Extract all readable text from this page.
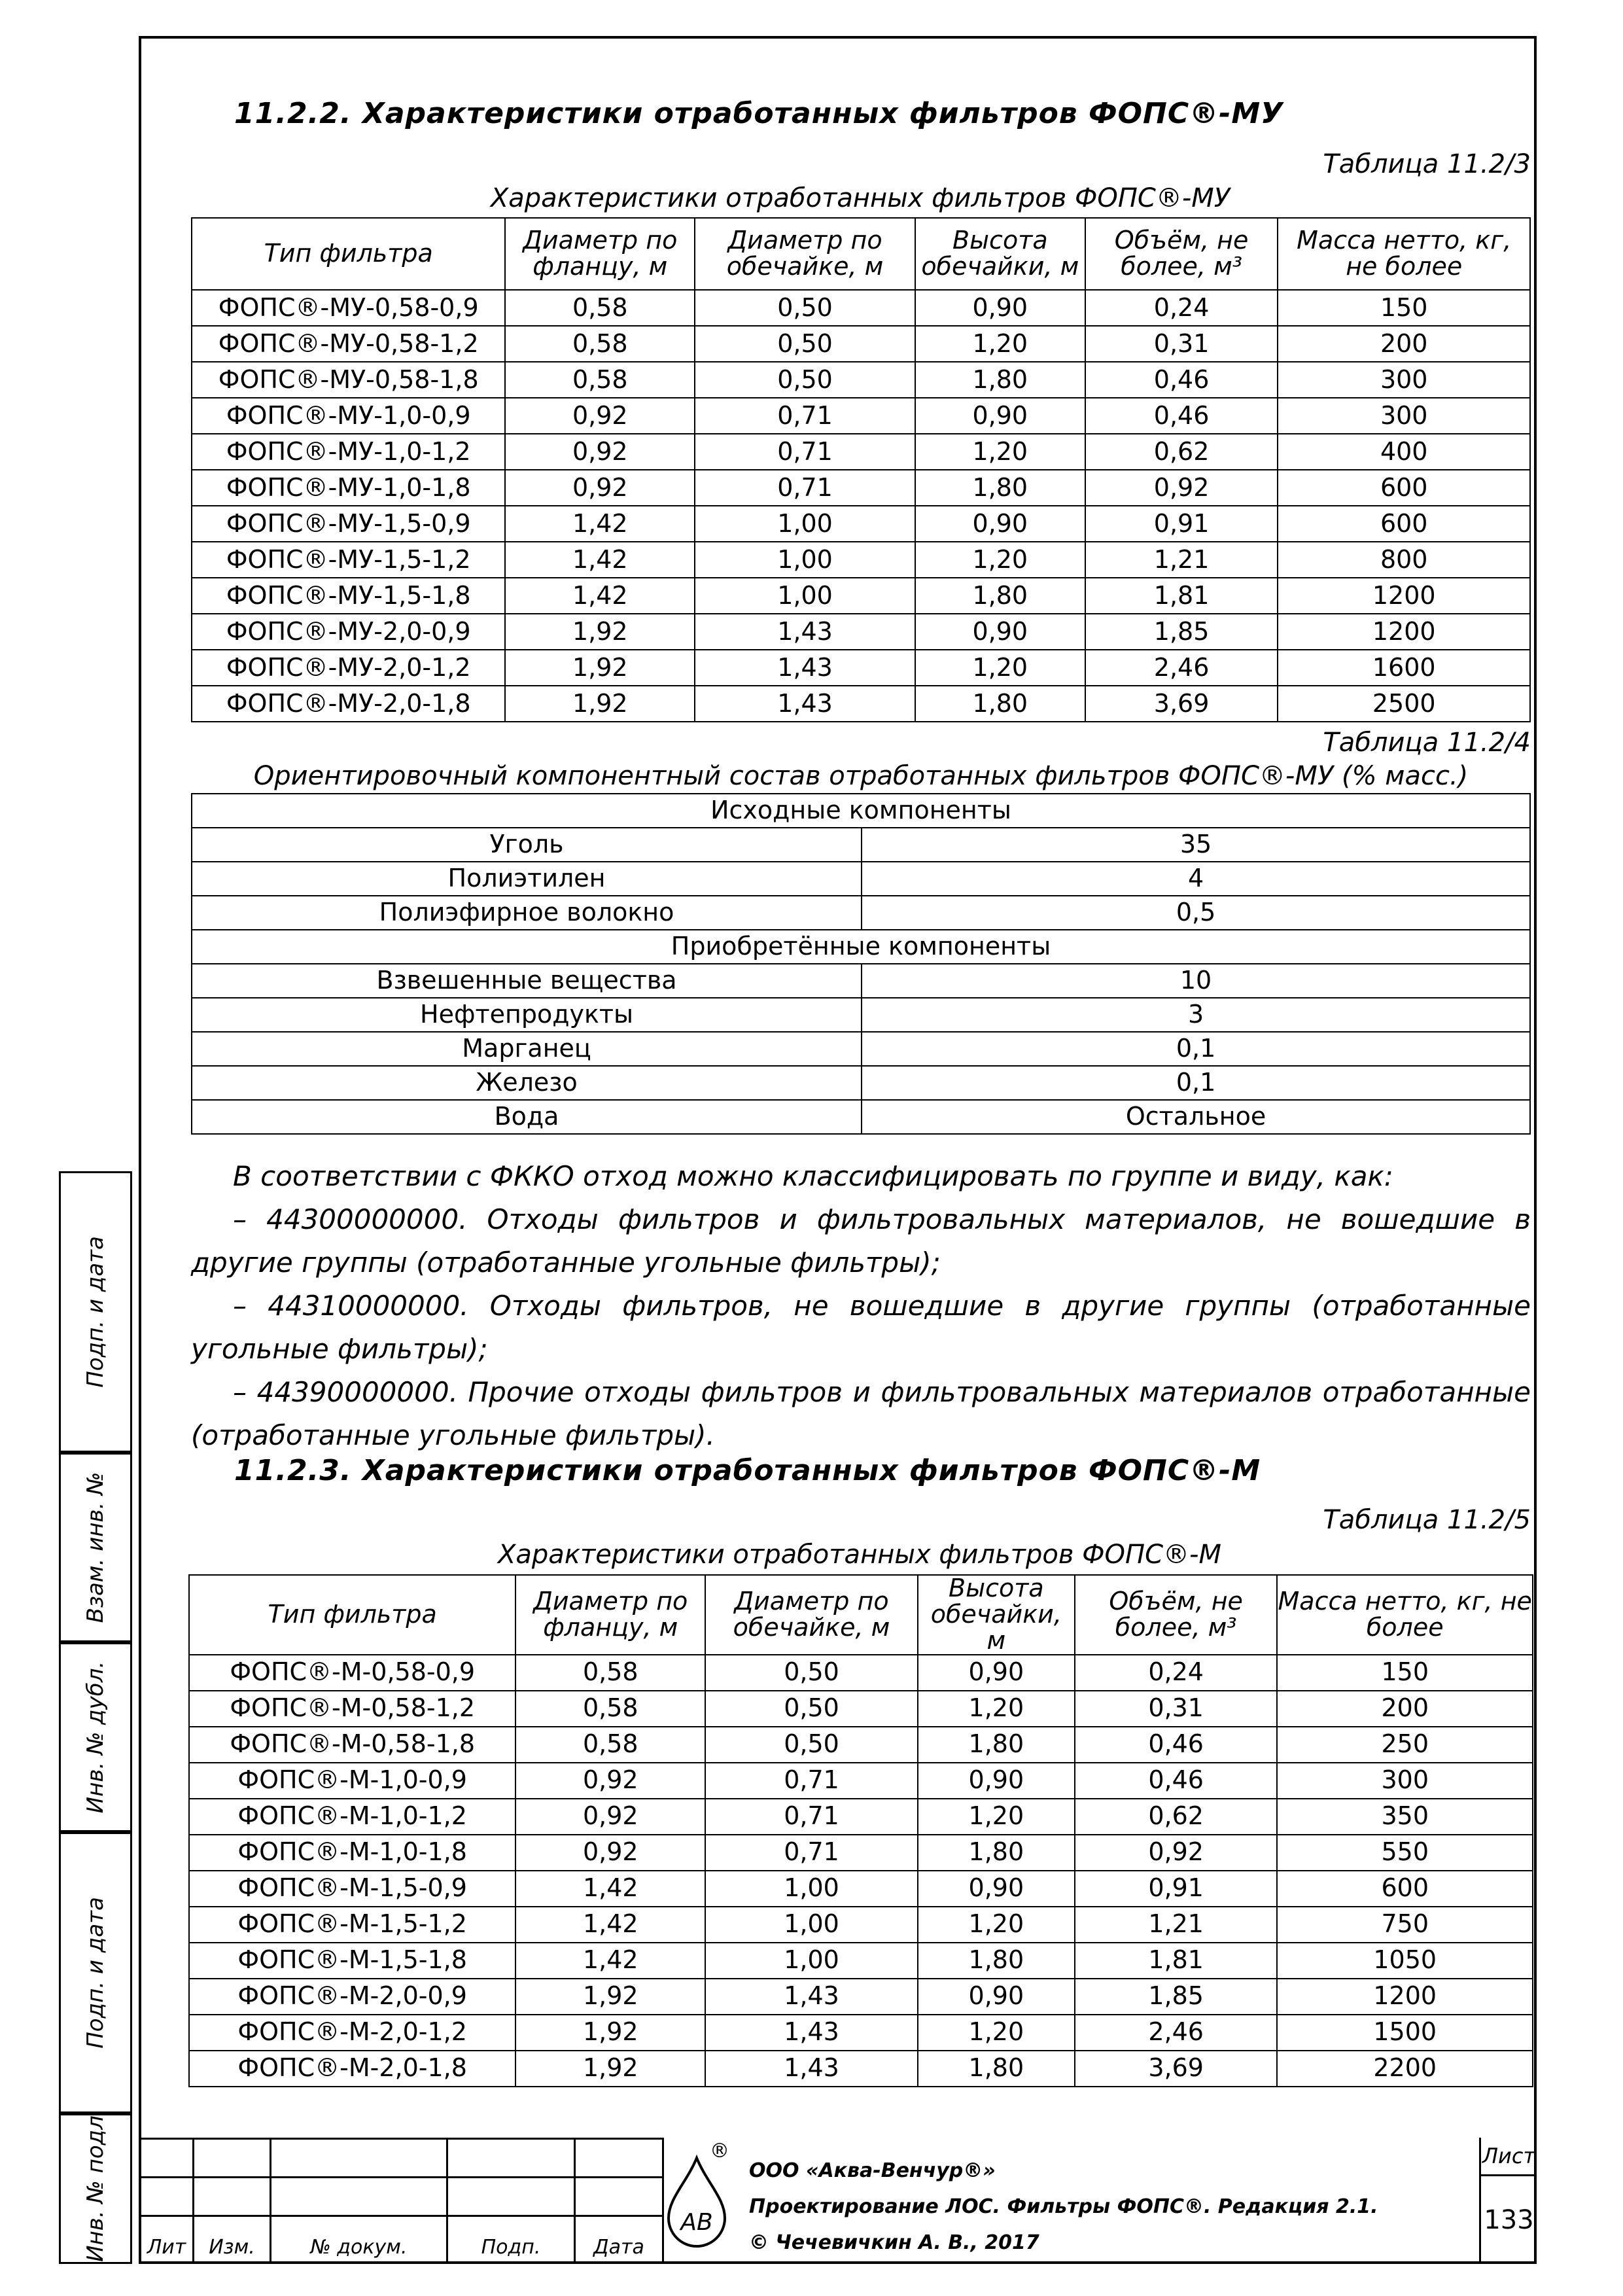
Подп. и дата
Взам. инв. №
Инв. № дубл.
Подп. и дата
Инв. № подл
11.2.2. Характеристики отработанных фильтров ФОПС®-МУ
Таблица 11.2/3
Характеристики отработанных фильтров ФОПС®-МУ
Тип фильтра	Диаметр по фланцу, м	Диаметр по обечайке, м	Высота обечайки, м	Объём, не более, м³	Масса нетто, кг, не более
ФОПС®-МУ-0,58-0,9	0,58	0,50	0,90	0,24	150
ФОПС®-МУ-0,58-1,2	0,58	0,50	1,20	0,31	200
ФОПС®-МУ-0,58-1,8	0,58	0,50	1,80	0,46	300
ФОПС®-МУ-1,0-0,9	0,92	0,71	0,90	0,46	300
ФОПС®-МУ-1,0-1,2	0,92	0,71	1,20	0,62	400
ФОПС®-МУ-1,0-1,8	0,92	0,71	1,80	0,92	600
ФОПС®-МУ-1,5-0,9	1,42	1,00	0,90	0,91	600
ФОПС®-МУ-1,5-1,2	1,42	1,00	1,20	1,21	800
ФОПС®-МУ-1,5-1,8	1,42	1,00	1,80	1,81	1200
ФОПС®-МУ-2,0-0,9	1,92	1,43	0,90	1,85	1200
ФОПС®-МУ-2,0-1,2	1,92	1,43	1,20	2,46	1600
ФОПС®-МУ-2,0-1,8	1,92	1,43	1,80	3,69	2500
Таблица 11.2/4
Ориентировочный компонентный состав отработанных фильтров ФОПС®-МУ (% масс.)
Исходные компоненты	
Уголь	35
Полиэтилен	4
Полиэфирное волокно	0,5
Приобретённые компоненты	
Взвешенные вещества	10
Нефтепродукты	3
Марганец	0,1
Железо	0,1
Вода	Остальное
В соответствии с ФККО отход можно классифицировать по группе и виду, как:
– 44300000000. Отходы фильтров и фильтровальных материалов, не вошедшие в другие группы (отработанные угольные фильтры);
– 44310000000. Отходы фильтров, не вошедшие в другие группы (отработанные угольные фильтры);
– 44390000000. Прочие отходы фильтров и фильтровальных материалов отработанные (отработанные угольные фильтры).
11.2.3. Характеристики отработанных фильтров ФОПС®-М
Таблица 11.2/5
Характеристики отработанных фильтров ФОПС®-М
Тип фильтра	Диаметр по фланцу, м	Диаметр по обечайке, м	Высота обечайки, м	Объём, не более, м³	Масса нетто, кг, не более
ФОПС®-М-0,58-0,9	0,58	0,50	0,90	0,24	150
ФОПС®-М-0,58-1,2	0,58	0,50	1,20	0,31	200
ФОПС®-М-0,58-1,8	0,58	0,50	1,80	0,46	250
ФОПС®-М-1,0-0,9	0,92	0,71	0,90	0,46	300
ФОПС®-М-1,0-1,2	0,92	0,71	1,20	0,62	350
ФОПС®-М-1,0-1,8	0,92	0,71	1,80	0,92	550
ФОПС®-М-1,5-0,9	1,42	1,00	0,90	0,91	600
ФОПС®-М-1,5-1,2	1,42	1,00	1,20	1,21	750
ФОПС®-М-1,5-1,8	1,42	1,00	1,80	1,81	1050
ФОПС®-М-2,0-0,9	1,92	1,43	0,90	1,85	1200
ФОПС®-М-2,0-1,2	1,92	1,43	1,20	2,46	1500
ФОПС®-М-2,0-1,8	1,92	1,43	1,80	3,69	2200

Лит	Изм.	№ докум.	Подп.	Дата
АВ
®
ООО «Аква-Венчур®»
Проектирование ЛОС. Фильтры ФОПС®. Редакция 2.1.
© Чечевичкин А. В., 2017
Лист
133
